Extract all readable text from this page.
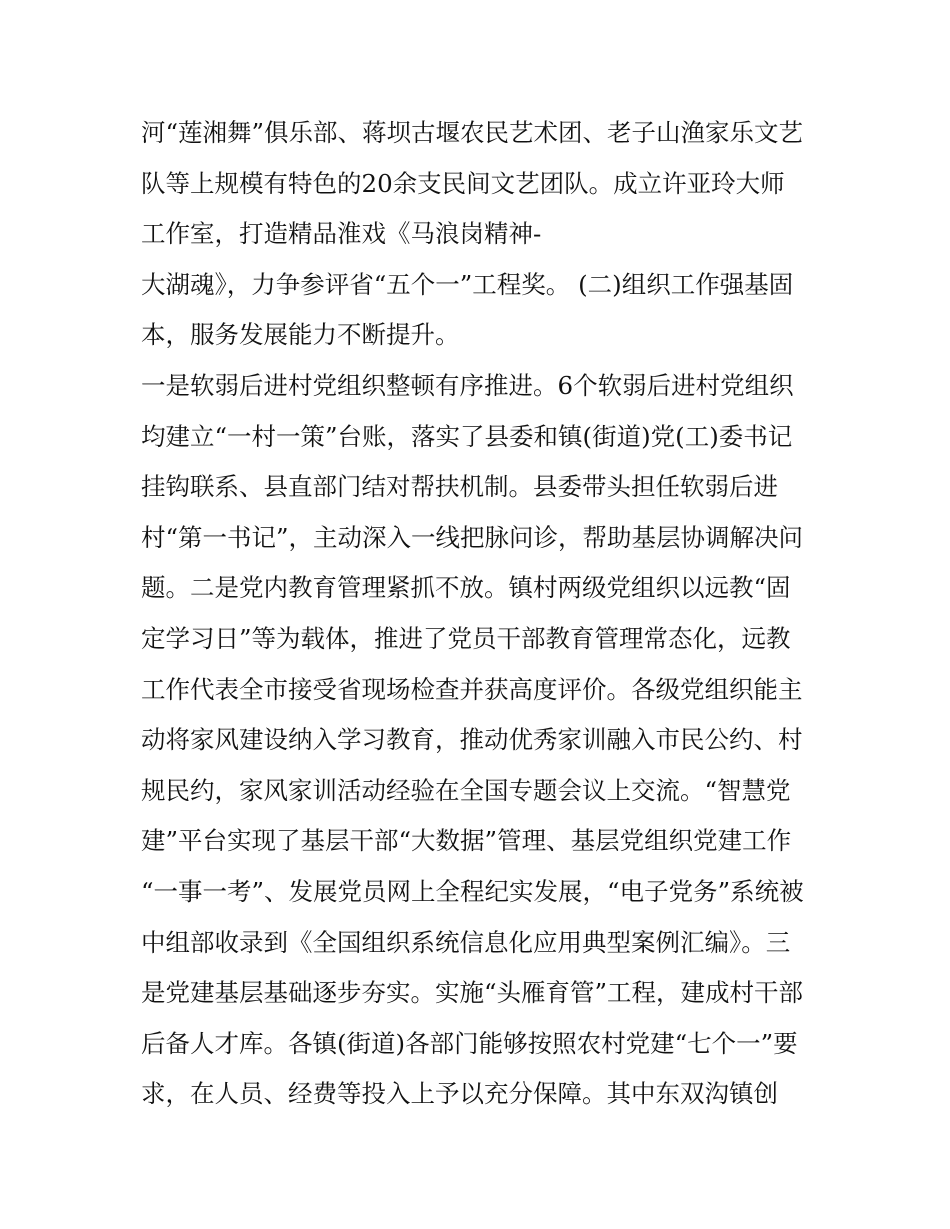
河“莲湘舞”俱乐部、蒋坝古堰农民艺术团、老子山渔家乐文艺
队等上规模有特色的20余支民间文艺团队。成立许亚玲大师
工作室，打造精品淮戏《马浪岗精神-
大湖魂》，力争参评省“五个一”工程奖。 (二)组织工作强基固
本，服务发展能力不断提升。
一是软弱后进村党组织整顿有序推进。6个软弱后进村党组织
均建立“一村一策”台账，落实了县委和镇(街道)党(工)委书记
挂钩联系、县直部门结对帮扶机制。县委带头担任软弱后进
村“第一书记”，主动深入一线把脉问诊，帮助基层协调解决问
题。二是党内教育管理紧抓不放。镇村两级党组织以远教“固
定学习日”等为载体，推进了党员干部教育管理常态化，远教
工作代表全市接受省现场检查并获高度评价。各级党组织能主
动将家风建设纳入学习教育，推动优秀家训融入市民公约、村
规民约，家风家训活动经验在全国专题会议上交流。“智慧党
建”平台实现了基层干部“大数据”管理、基层党组织党建工作
“一事一考”、发展党员网上全程纪实发展，“电子党务”系统被
中组部收录到《全国组织系统信息化应用典型案例汇编》。三
是党建基层基础逐步夯实。实施“头雁育管”工程，建成村干部
后备人才库。各镇(街道)各部门能够按照农村党建“七个一”要
求，在人员、经费等投入上予以充分保障。其中东双沟镇创
